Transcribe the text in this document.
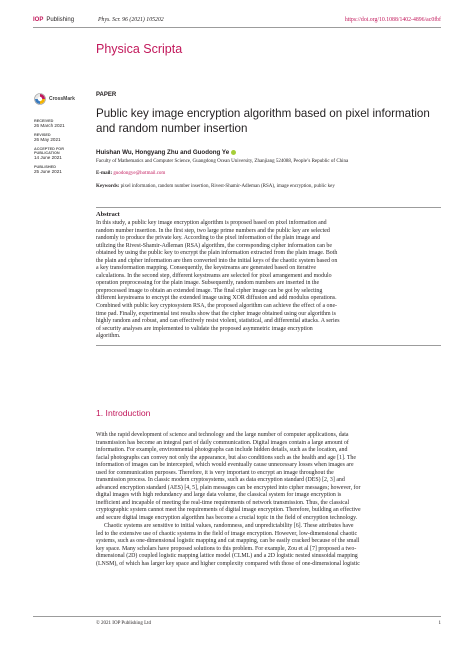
IOP Publishing	Phys. Scr. 96 (2021) 105202	https://doi.org/10.1088/1402-4896/ac0fbf
Physica Scripta
CrossMark
RECEIVED
26 March 2021
REVISED
26 May 2021
ACCEPTED FOR PUBLICATION
14 June 2021
PUBLISHED
25 June 2021
PAPER
Public key image encryption algorithm based on pixel information and random number insertion
Huishan Wu, Hongyang Zhu and Guodong Ye
Faculty of Mathematics and Computer Science, Guangdong Ocean University, Zhanjiang 524088, People’s Republic of China
E-mail: guodongye@hotmail.com
Keywords: pixel information, random number insertion, Rivest-Shamir-Adleman (RSA), image encryption, public key
Abstract
In this study, a public key image encryption algorithm is proposed based on pixel information and
random number insertion. In the first step, two large prime numbers and the public key are selected
randomly to produce the private key. According to the pixel information of the plain image and
utilizing the Rivest-Shamir-Adleman (RSA) algorithm, the corresponding cipher information can be
obtained by using the public key to encrypt the plain information extracted from the plain image. Both
the plain and cipher information are then converted into the initial keys of the chaotic system based on
a key transformation mapping. Consequently, the keystreams are generated based on iterative
calculations. In the second step, different keystreams are selected for pixel arrangement and modulo
operation preprocessing for the plain image. Subsequently, random numbers are inserted in the
preprocessed image to obtain an extended image. The final cipher image can be got by selecting
different keystreams to encrypt the extended image using XOR diffusion and add modulus operations.
Combined with public key cryptosystem RSA, the proposed algorithm can achieve the effect of a one-
time pad. Finally, experimental test results show that the cipher image obtained using our algorithm is
highly random and robust, and can effectively resist violent, statistical, and differential attacks. A series
of security analyses are implemented to validate the proposed asymmetric image encryption
algorithm.
1. Introduction
With the rapid development of science and technology and the large number of computer applications, data
transmission has become an integral part of daily communication. Digital images contain a large amount of
information. For example, environmental photographs can include hidden details, such as the location, and
facial photographs can convey not only the appearance, but also conditions such as the health and age [1]. The
information of images can be intercepted, which would eventually cause unnecessary losses when images are
used for communication purposes. Therefore, it is very important to encrypt an image throughout the
transmission process. In classic modern cryptosystems, such as data encryption standard (DES) [2, 3] and
advanced encryption standard (AES) [4, 5], plain messages can be encrypted into cipher messages; however, for
digital images with high redundancy and large data volume, the classical system for image encryption is
inefficient and incapable of meeting the real-time requirements of network transmission. Thus, the classical
cryptographic system cannot meet the requirements of digital image encryption. Therefore, building an effective
and secure digital image encryption algorithm has become a crucial topic in the field of encryption technology.
Chaotic systems are sensitive to initial values, randomness, and unpredictability [6]. These attributes have
led to the extensive use of chaotic systems in the field of image encryption. However, low-dimensional chaotic
systems, such as one-dimensional logistic mapping and cat mapping, can be easily cracked because of the small
key space. Many scholars have proposed solutions to this problem. For example, Zou et al [7] proposed a two-
dimensional (2D) coupled logistic mapping lattice model (CLML) and a 2D logistic nested sinusoidal mapping
(LNSM), of which has larger key space and higher complexity compared with those of one-dimensional logistic
© 2021 IOP Publishing Ltd	1
